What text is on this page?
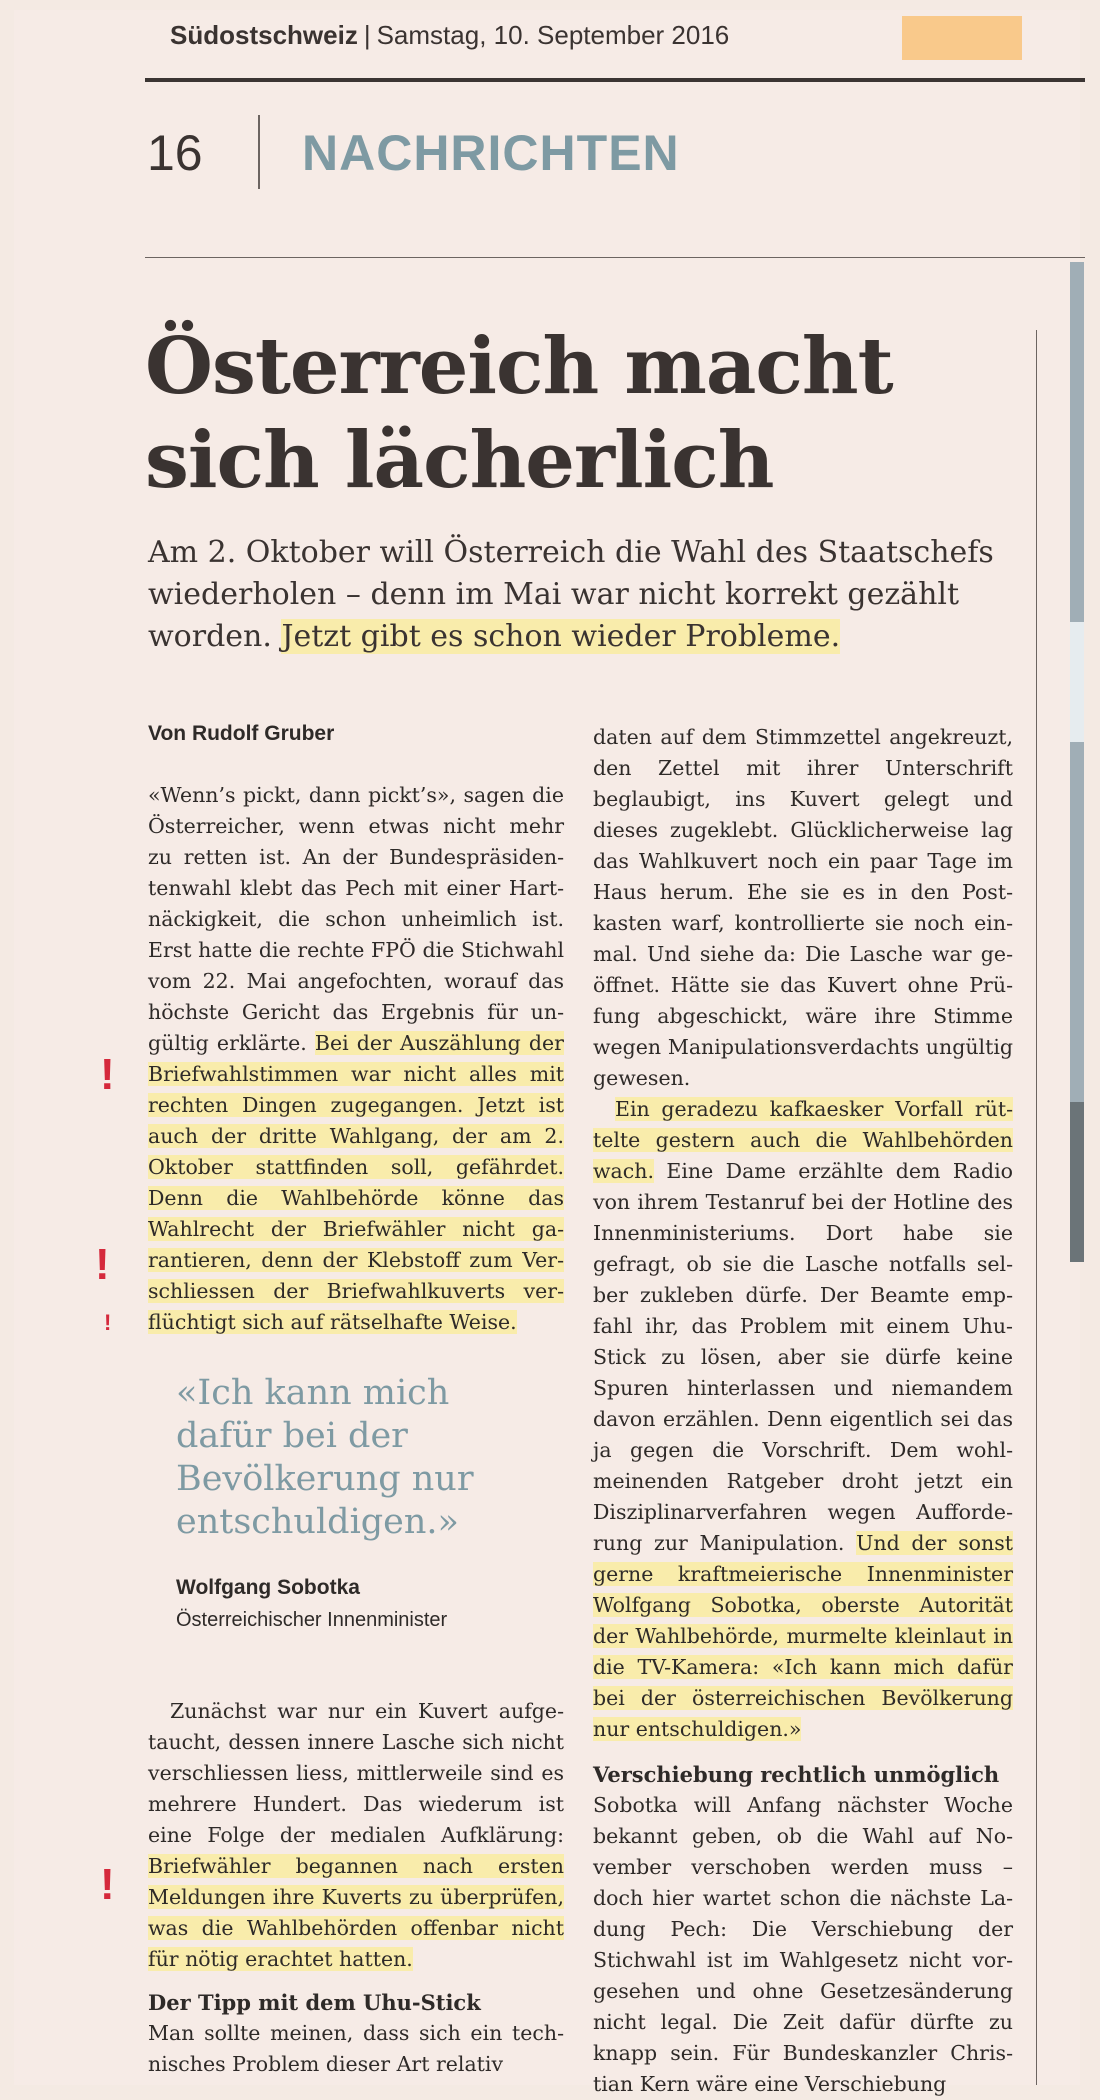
Südostschweiz | Samstag, 10. September 2016
16 NACHRICHTEN
Österreich macht sich lächerlich
Am 2. Oktober will Österreich die Wahl des Staatschefs wiederholen – denn im Mai war nicht korrekt gezählt worden. Jetzt gibt es schon wieder Probleme.
Von Rudolf Gruber

«Wenn’s pickt, dann pickt’s», sagen die Österreicher, wenn etwas nicht mehr zu retten ist. An der Bundespräsidentenwahl klebt das Pech mit einer Hartnäckigkeit, die schon unheimlich ist. Erst hatte die rechte FPÖ die Stichwahl vom 22. Mai angefochten, worauf das höchste Gericht das Ergebnis für ungültig erklärte. Bei der Auszählung der Briefwahlstimmen war nicht alles mit rechten Dingen zugegangen. Jetzt ist auch der dritte Wahlgang, der am 2. Oktober stattfinden soll, gefährdet. Denn die Wahlbehörde könne das Wahlrecht der Briefwähler nicht garantieren, denn der Klebstoff zum Verschliessen der Briefwahlkuverts verflüchtigt sich auf rätselhafte Weise.

«Ich kann mich dafür bei der Bevölkerung nur entschuldigen.»
Wolfgang Sobotka
Österreichischer Innenminister

Zunächst war nur ein Kuvert aufgetaucht, dessen innere Lasche sich nicht verschliessen liess, mittlerweile sind es mehrere Hundert. Das wiederum ist eine Folge der medialen Aufklärung: Briefwähler begannen nach ersten Meldungen ihre Kuverts zu überprüfen, was die Wahlbehörden offenbar nicht für nötig erachtet hatten.

Der Tipp mit dem Uhu-Stick

Man sollte meinen, dass sich ein technisches Problem dieser Art relativ

daten auf dem Stimmzettel angekreuzt, den Zettel mit ihrer Unterschrift beglaubigt, ins Kuvert gelegt und dieses zugeklebt. Glücklicherweise lag das Wahlkuvert noch ein paar Tage im Haus herum. Ehe sie es in den Postkasten warf, kontrollierte sie noch einmal. Und siehe da: Die Lasche war geöffnet. Hätte sie das Kuvert ohne Prüfung abgeschickt, wäre ihre Stimme wegen Manipulationsverdachts ungültig gewesen.

Ein geradezu kafkaesker Vorfall rüttelte gestern auch die Wahlbehörden wach. Eine Dame erzählte dem Radio von ihrem Testanruf bei der Hotline des Innenministeriums. Dort habe sie gefragt, ob sie die Lasche notfalls selber zukleben dürfe. Der Beamte empfahl ihr, das Problem mit einem Uhu-Stick zu lösen, aber sie dürfe keine Spuren hinterlassen und niemandem davon erzählen. Denn eigentlich sei das ja gegen die Vorschrift. Dem wohlmeinenden Ratgeber droht jetzt ein Disziplinarverfahren wegen Aufforderung zur Manipulation. Und der sonst gerne kraftmeierische Innenminister Wolfgang Sobotka, oberste Autorität der Wahlbehörde, murmelte kleinlaut in die TV-Kamera: «Ich kann mich dafür bei der österreichischen Bevölkerung nur entschuldigen.»

Verschiebung rechtlich unmöglich

Sobotka will Anfang nächster Woche bekannt geben, ob die Wahl auf November verschoben werden muss – doch hier wartet schon die nächste Ladung Pech: Die Verschiebung der Stichwahl ist im Wahlgesetz nicht vorgesehen und ohne Gesetzesänderung nicht legal. Die Zeit dafür dürfte zu knapp sein. Für Bundeskanzler Christian Kern wäre eine Verschiebung

!
!
!
!
